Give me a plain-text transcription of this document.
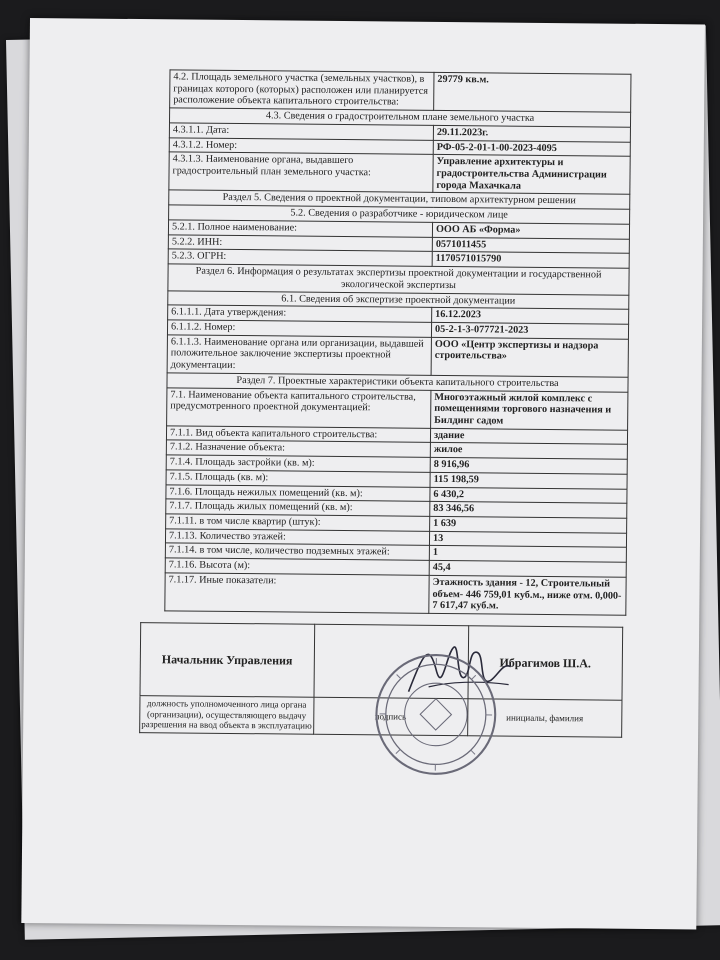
4.2. Площадь земельного участка (земельных участков), в границах которого (которых) расположен или планируется расположение объекта капитального строительства:	29779 кв.м.
4.3. Сведения о градостроительном плане земельного участка	
4.3.1.1. Дата:	29.11.2023г.
4.3.1.2. Номер:	РФ-05-2-01-1-00-2023-4095
4.3.1.3. Наименование органа, выдавшего градостроительный план земельного участка:	Управление архитектуры и градостроительства Администрации города Махачкала
Раздел 5. Сведения о проектной документации, типовом архитектурном решении	
5.2. Сведения о разработчике - юридическом лице	
5.2.1. Полное наименование:	ООО АБ «Форма»
5.2.2. ИНН:	0571011455
5.2.3. ОГРН:	1170571015790
Раздел 6. Информация о результатах экспертизы проектной документации и государственной экологической экспертизы	
6.1. Сведения об экспертизе проектной документации	
6.1.1.1. Дата утверждения:	16.12.2023
6.1.1.2. Номер:	05-2-1-3-077721-2023
6.1.1.3. Наименование органа или организации, выдавшей положительное заключение экспертизы проектной документации:	ООО «Центр экспертизы и надзора строительства»
Раздел 7. Проектные характеристики объекта капитального строительства	
7.1. Наименование объекта капитального строительства, предусмотренного проектной документацией:	Многоэтажный жилой комплекс с помещениями торгового назначения и Билдинг садом
7.1.1. Вид объекта капитального строительства:	здание
7.1.2. Назначение объекта:	жилое
7.1.4. Площадь застройки (кв. м):	8 916,96
7.1.5. Площадь (кв. м):	115 198,59
7.1.6. Площадь нежилых помещений (кв. м):	6 430,2
7.1.7. Площадь жилых помещений (кв. м):	83 346,56
7.1.11. в том числе квартир (штук):	1 639
7.1.13. Количество этажей:	13
7.1.14. в том числе, количество подземных этажей:	1
7.1.16. Высота (м):	45,4
7.1.17. Иные показатели:	Этажность здания - 12, Строительный объем- 446 759,01 куб.м., ниже отм. 0,000-7 617,47 куб.м.
Начальник Управления		Ибрагимов Ш.А.
должность уполномоченного лица органа (организации), осуществляющего выдачу разрешения на ввод объекта в эксплуатацию	подпись	инициалы, фамилия
